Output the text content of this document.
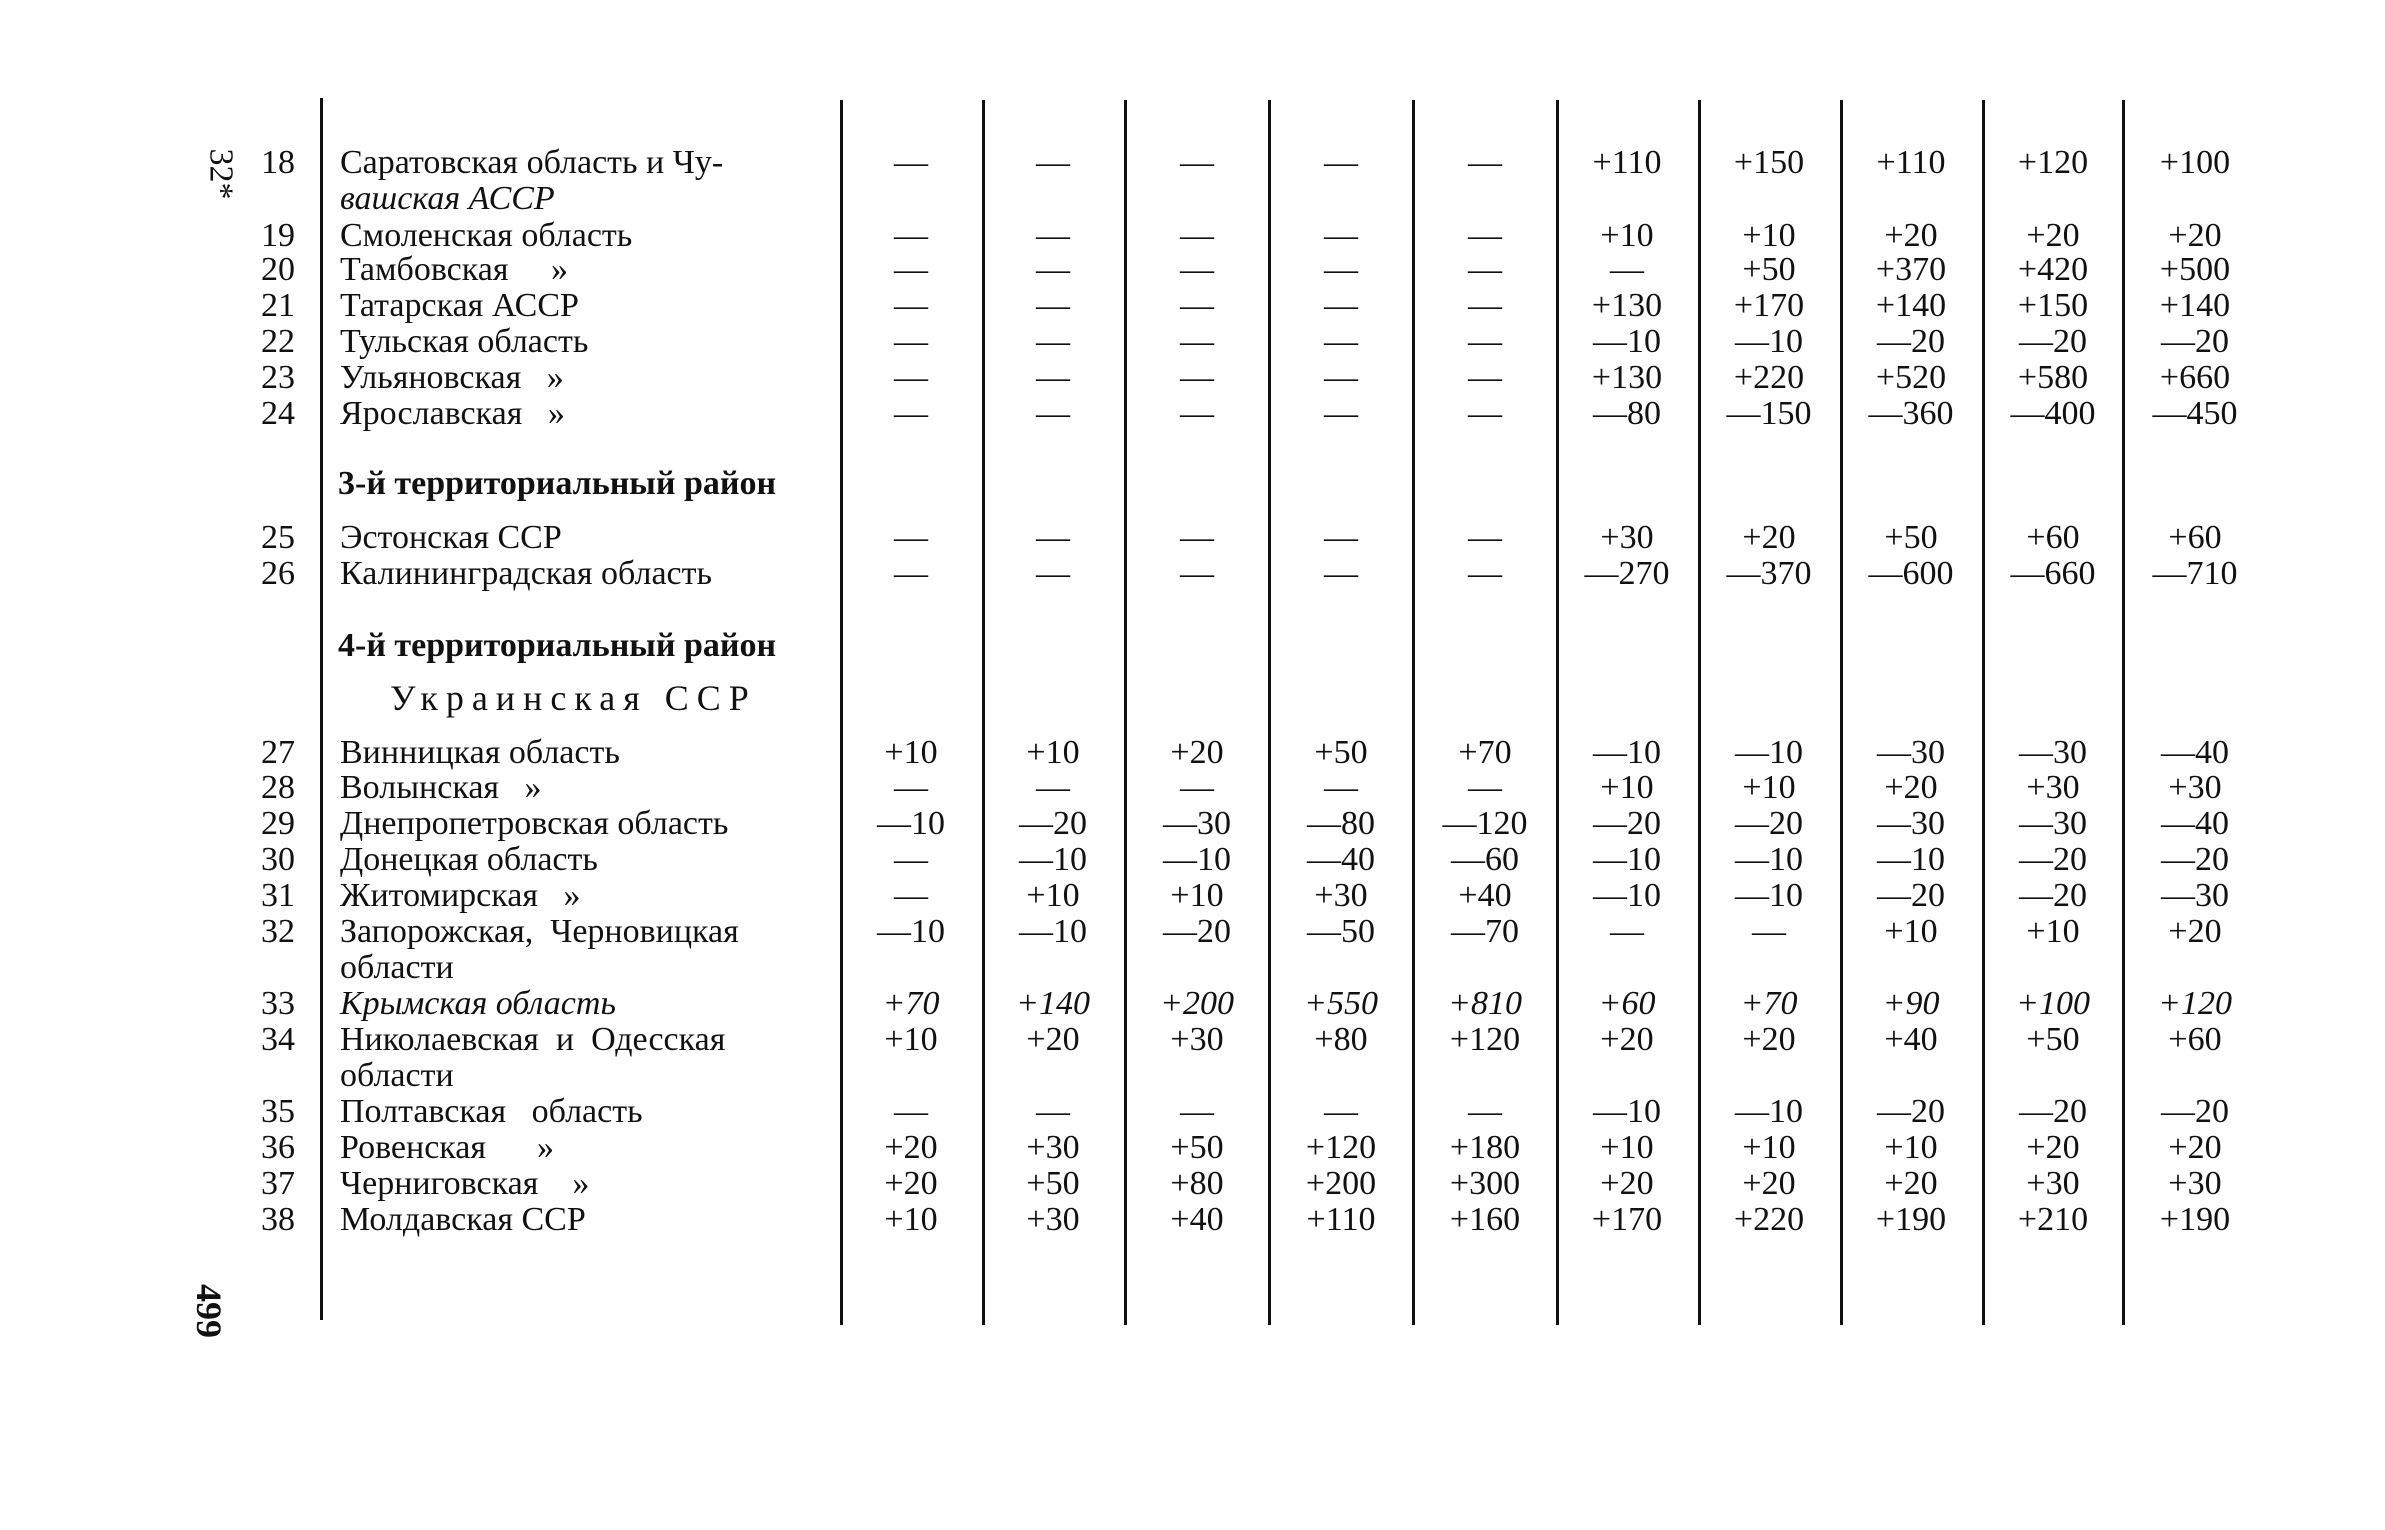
32*
499
3-й территориальный район
4-й территориальный район
Украинская ССР
18 Саратовская область и Чу-
вашская АССР
—	—	—	—	—	+110	+150	+110	+120	+100
19 Смоленская область	—	—	—	—	—	+10	+10	+20	+20	+20
20 Тамбовская     »	—	—	—	—	—	—	+50	+370	+420	+500
21 Татарская АССР	—	—	—	—	—	+130	+170	+140	+150	+140
22 Тульская область	—	—	—	—	—	—10	—10	—20	—20	—20
23 Ульяновская   »	—	—	—	—	—	+130	+220	+520	+580	+660
24 Ярославская   »	—	—	—	—	—	—80	—150	—360	—400	—450
25 Эстонская ССР	—	—	—	—	—	+30	+20	+50	+60	+60
26 Калининградская область	—	—	—	—	—	—270	—370	—600	—660	—710
27 Винницкая область	+10	+10	+20	+50	+70	—10	—10	—30	—30	—40
28 Волынская   »	—	—	—	—	—	+10	+10	+20	+30	+30
29 Днепропетровская область	—10	—20	—30	—80	—120	—20	—20	—30	—30	—40
30 Донецкая область	—	—10	—10	—40	—60	—10	—10	—10	—20	—20
31 Житомирская   »	—	+10	+10	+30	+40	—10	—10	—20	—20	—30
32 Запорожская,  Черновицкая
области
—10	—10	—20	—50	—70	—	—	+10	+10	+20
33 Крымская область	+70	+140	+200	+550	+810	+60	+70	+90	+100	+120
34 Николаевская  и  Одесская
области
+10	+20	+30	+80	+120	+20	+20	+40	+50	+60
35 Полтавская   область	—	—	—	—	—	—10	—10	—20	—20	—20
36 Ровенская      »	+20	+30	+50	+120	+180	+10	+10	+10	+20	+20
37 Черниговская    »	+20	+50	+80	+200	+300	+20	+20	+20	+30	+30
38 Молдавская ССР	+10	+30	+40	+110	+160	+170	+220	+190	+210	+190
